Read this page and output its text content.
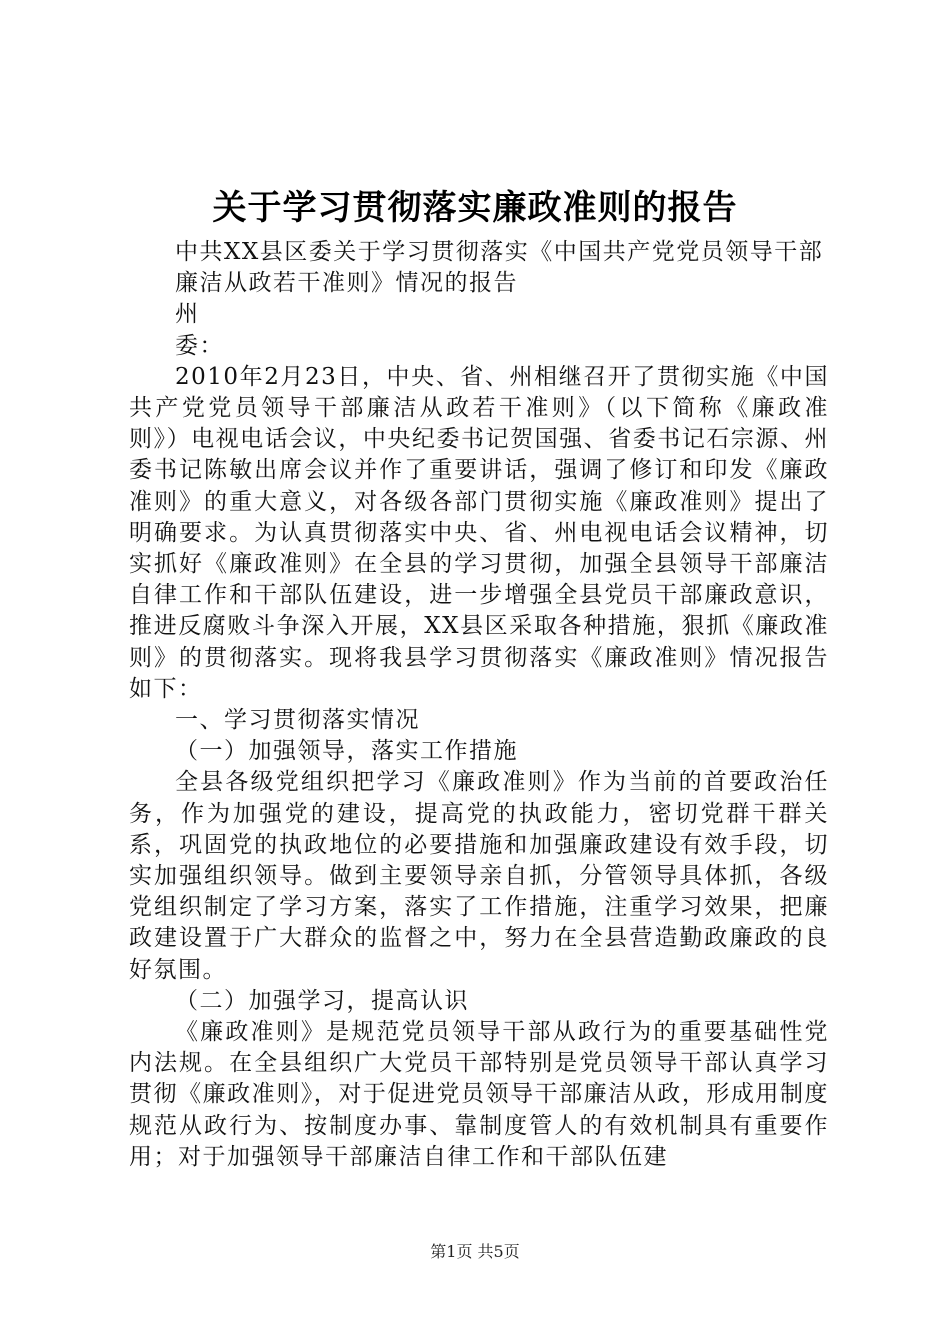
关于学习贯彻落实廉政准则的报告

中共XX县区委关于学习贯彻落实《中国共产党党员领导干部

廉洁从政若干准则》情况的报告

州

委：

2010年2月23日，中央、省、州相继召开了贯彻实施《中国共产党党员领导干部廉洁从政若干准则》（以下简称《廉政准则》）电视电话会议，中央纪委书记贺国强、省委书记石宗源、州委书记陈敏出席会议并作了重要讲话，强调了修订和印发《廉政准则》的重大意义，对各级各部门贯彻实施《廉政准则》提出了明确要求。为认真贯彻落实中央、省、州电视电话会议精神，切实抓好《廉政准则》在全县的学习贯彻，加强全县领导干部廉洁自律工作和干部队伍建设，进一步增强全县党员干部廉政意识，推进反腐败斗争深入开展，XX县区采取各种措施，狠抓《廉政准则》的贯彻落实。现将我县学习贯彻落实《廉政准则》情况报告如下：

一、学习贯彻落实情况

（一）加强领导，落实工作措施

全县各级党组织把学习《廉政准则》作为当前的首要政治任务，作为加强党的建设，提高党的执政能力，密切党群干群关系，巩固党的执政地位的必要措施和加强廉政建设有效手段，切实加强组织领导。做到主要领导亲自抓，分管领导具体抓，各级党组织制定了学习方案，落实了工作措施，注重学习效果，把廉政建设置于广大群众的监督之中，努力在全县营造勤政廉政的良好氛围。

（二）加强学习，提高认识

《廉政准则》是规范党员领导干部从政行为的重要基础性党内法规。在全县组织广大党员干部特别是党员领导干部认真学习贯彻《廉政准则》，对于促进党员领导干部廉洁从政，形成用制度规范从政行为、按制度办事、靠制度管人的有效机制具有重要作用；对于加强领导干部廉洁自律工作和干部队伍建

第1页 共5页
